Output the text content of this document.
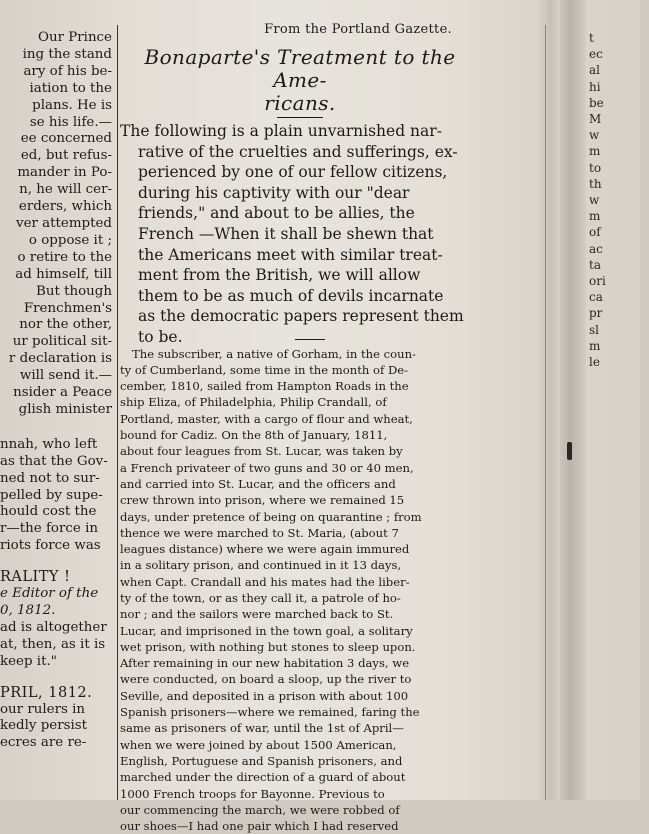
Our Prince
ing the stand
ary of his be-
iation to the
plans. He is
se his life.—
ee concerned
ed, but refus-
mander in Po-
n, he will cer-
erders, which
ver attempted
o oppose it ;
o retire to the
ad himself, till
But though
Frenchmen's
nor the other,
ur political sit-
r declaration is
will send it.—
nsider a Peace
glish minister
nnah, who left
as that the Gov-
ned not to sur-
pelled by supe-
hould cost the
r—the force in
riots force was
RALITY !
e Editor of the
0, 1812.
ad is altogether
at, then, as it is
keep it."
PRIL, 1812.
our rulers in
kedly persist
ecres are re-
From the Portland Gazette.
Bonaparte's Treatment to the Ame-
ricans.
The following is a plain unvarnished nar-
rative of the cruelties and sufferings, ex-
perienced by one of our fellow citizens,
during his captivity with our "dear
friends," and about to be allies, the
French —When it shall be shewn that
the Americans meet with similar treat-
ment from the British, we will allow
them to be as much of devils incarnate
as the democratic papers represent them
to be.
The subscriber, a native of Gorham, in the coun-
ty of Cumberland, some time in the month of De-
cember, 1810, sailed from Hampton Roads in the
ship Eliza, of Philadelphia, Philip Crandall, of
Portland, master, with a cargo of flour and wheat,
bound for Cadiz. On the 8th of January, 1811,
about four leagues from St. Lucar, was taken by
a French privateer of two guns and 30 or 40 men,
and carried into St. Lucar, and the officers and
crew thrown into prison, where we remained 15
days, under pretence of being on quarantine ; from
thence we were marched to St. Maria, (about 7
leagues distance) where we were again immured
in a solitary prison, and continued in it 13 days,
when Capt. Crandall and his mates had the liber-
ty of the town, or as they call it, a patrole of ho-
nor ; and the sailors were marched back to St.
Lucar, and imprisoned in the town goal, a solitary
wet prison, with nothing but stones to sleep upon.
After remaining in our new habitation 3 days, we
were conducted, on board a sloop, up the river to
Seville, and deposited in a prison with about 100
Spanish prisoners—where we remained, faring the
same as prisoners of war, until the 1st of April—
when we were joined by about 1500 American,
English, Portuguese and Spanish prisoners, and
marched under the direction of a guard of about
1000 French troops for Bayonne. Previous to
our commencing the march, we were robbed of
our shoes—I had one pair which I had reserved
t
ec
al
hi
be
M
w
m
to
th
w
m
of
ac
ta
ori
ca
pr
sl
m
le
